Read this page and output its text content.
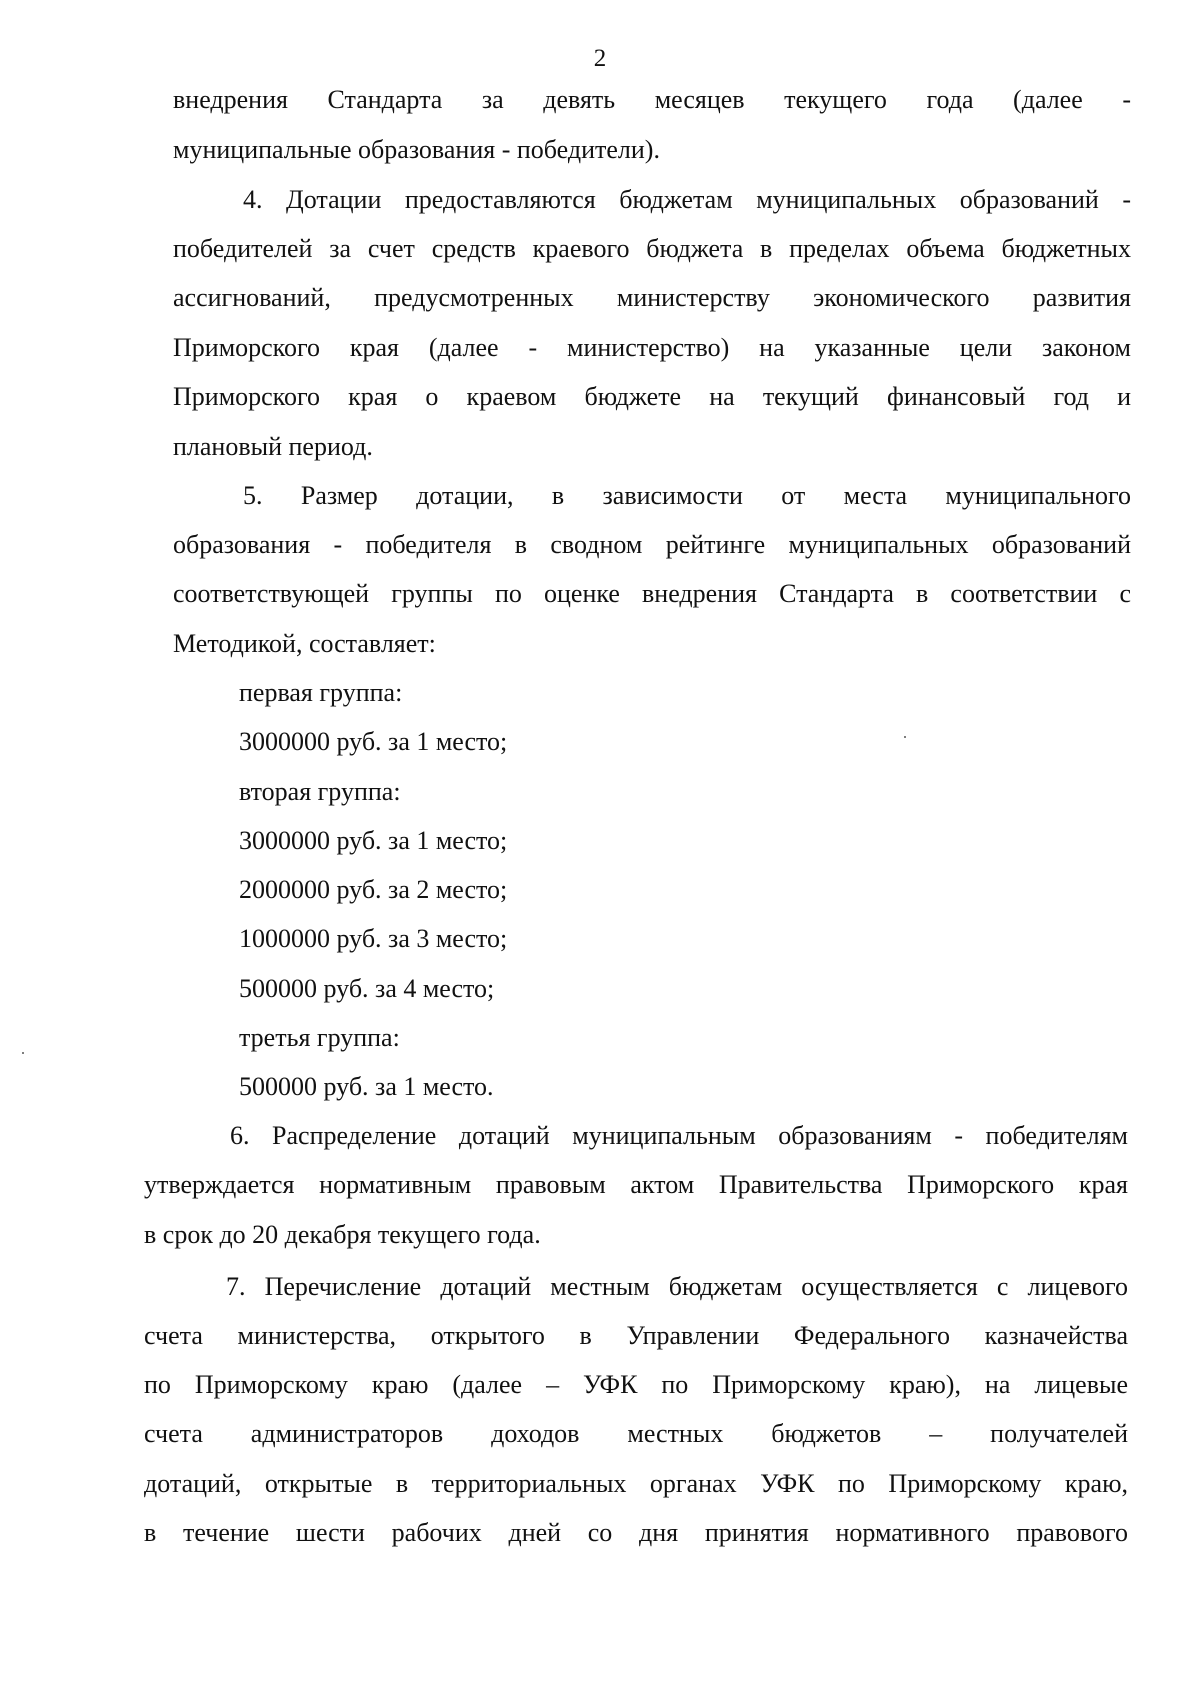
2
внедрения Стандарта за девять месяцев текущего года (далее -
муниципальные образования - победители).
4. Дотации предоставляются бюджетам муниципальных образований -
победителей за счет средств краевого бюджета в пределах объема бюджетных
ассигнований, предусмотренных министерству экономического развития
Приморского края (далее - министерство) на указанные цели законом
Приморского края о краевом бюджете на текущий финансовый год и
плановый период.
5. Размер дотации, в зависимости от места муниципального
образования - победителя в сводном рейтинге муниципальных образований
соответствующей группы по оценке внедрения Стандарта в соответствии с
Методикой, составляет:
первая группа:
3000000 руб. за 1 место;
вторая группа:
3000000 руб. за 1 место;
2000000 руб. за 2 место;
1000000 руб. за 3 место;
500000 руб. за 4 место;
третья группа:
500000 руб. за 1 место.
6. Распределение дотаций муниципальным образованиям - победителям
утверждается нормативным правовым актом Правительства Приморского края
в срок до 20 декабря текущего года.
7. Перечисление дотаций местным бюджетам осуществляется с лицевого
счета министерства, открытого в Управлении Федерального казначейства
по Приморскому краю (далее – УФК по Приморскому краю), на лицевые
счета администраторов доходов местных бюджетов – получателей
дотаций, открытые в территориальных органах УФК по Приморскому краю,
в течение шести рабочих дней со дня принятия нормативного правового
